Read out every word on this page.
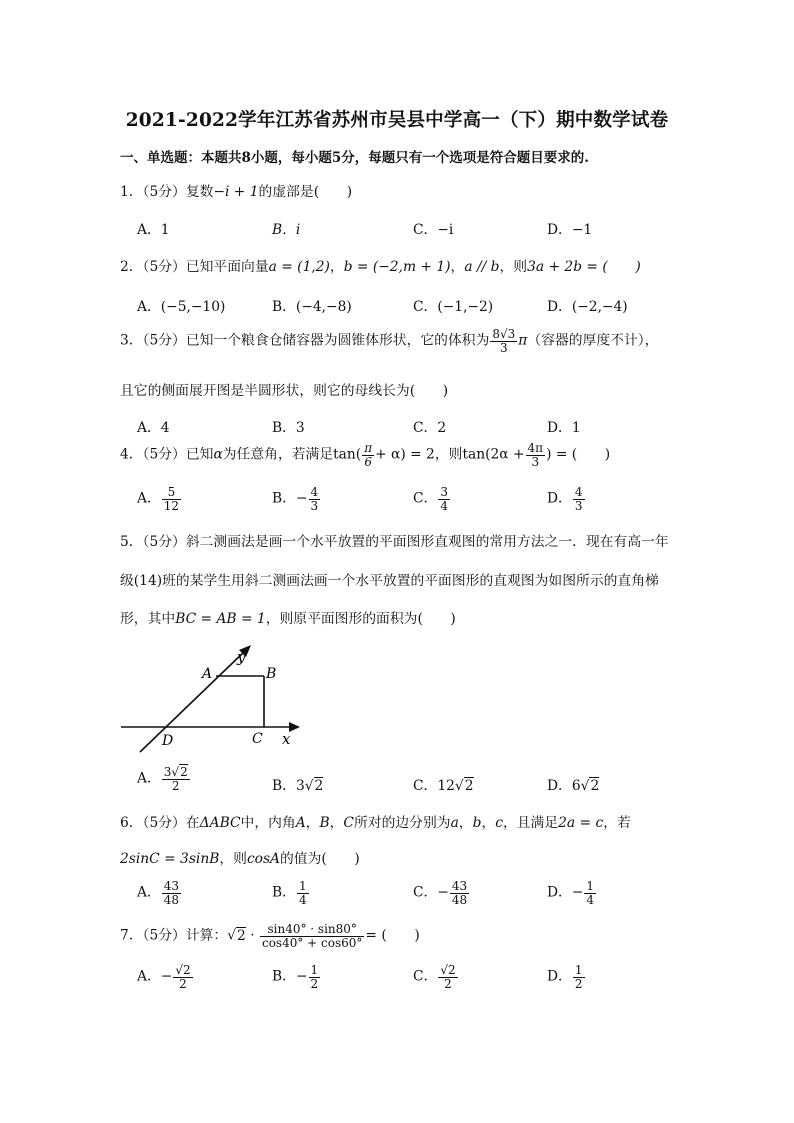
2021-2022学年江苏省苏州市吴县中学高一（下）期中数学试卷
一、单选题：本题共8小题，每小题5分，每题只有一个选项是符合题目要求的.
1．（5分）复数−i + 1的虚部是(　　)
A．1	B．i	C．−i	D．−1
2．（5分）已知平面向量a = (1,2)，b = (−2,m + 1)，a // b，则3a + 2b = (　　)
A．(−5,−10)	B．(−4,−8)	C．(−1,−2)	D．(−2,−4)
3．（5分）已知一个粮食仓储容器为圆锥体形状，它的体积为 $\frac{8√3}{3} \pi$（容器的厚度不计），
且它的侧面展开图是半圆形状，则它的母线长为(　　)
A．4	B．3	C．2	D．1
4．（5分）已知α为任意角，若满足$\tan( \frac{\pi}{6} + \alpha) = 2$，则$\tan(2\alpha + \frac{4\pi}{3}$ ) = (　　)
A． $\frac{5}{12}$	B．− $\frac{4}{3}$	C． $\frac{3}{4}$	D． $\frac{4}{3}$
5．（5分）斜二测画法是画一个水平放置的平面图形直观图的常用方法之一．现在有高一年
级(14)班的某学生用斜二测画法画一个水平放置的平面图形的直观图为如图所示的直角梯
形，其中BC = AB = 1，则原平面图形的面积为(　　)
y
x
A	B
C
D
A． $\frac{3√2}{2}$	B．3√2	C．12√2	D．6√2
6．（5分）在ΔABC中，内角A，B，C所对的边分别为a，b，c，且满足2a = c，若
2sinC = 3sinB，则cosA的值为(　　)
A． $\frac{43}{48}$	B． $\frac{1}{4}$	C．− $\frac{43}{48}$	D．− $\frac{1}{4}$
7．（5分）计算：$√2 \cdot \frac{\sin 40^\circ \cdot \sin 80^\circ}{\cos 40^\circ + \cos 60^\circ}$ = (　　)
A．− $\frac{√2}{2}$	B．− $\frac{1}{2}$	C． $\frac{√2}{2}$	D． $\frac{1}{2}$
